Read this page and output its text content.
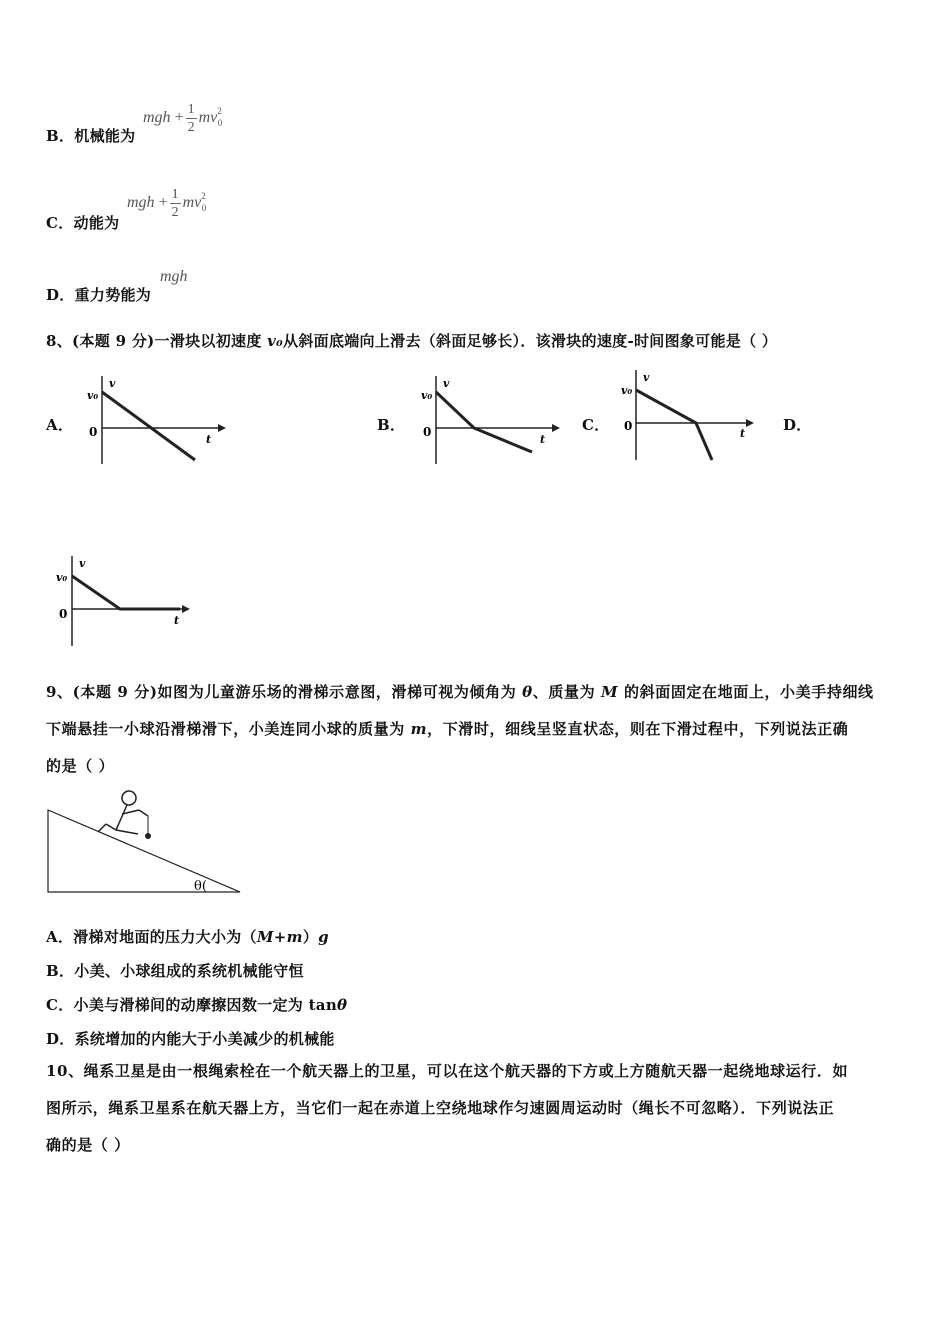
B．机械能为
mgh + $\frac{1}{2} mv^2_0$
C．动能为
mgh + $\frac{1}{2} mv^2_0$
D．重力势能为
mgh
8、(本题 9 分)一滑块以初速度 v₀从斜面底端向上滑去（斜面足够长）．该滑块的速度-时间图象可能是（ ）
A．	B．	C．	D．
v
v₀
0
t
v
v₀
0
t
v
v₀
0
t
v
v₀
0	t
9、(本题 9 分)如图为儿童游乐场的滑梯示意图，滑梯可视为倾角为 θ、质量为 M 的斜面固定在地面上，小美手持细线
下端悬挂一小球沿滑梯滑下，小美连同小球的质量为 m，下滑时，细线呈竖直状态，则在下滑过程中，下列说法正确
的是（ ）
θ(
A．滑梯对地面的压力大小为（M+m）g
B．小美、小球组成的系统机械能守恒
C．小美与滑梯间的动摩擦因数一定为 tanθ
D．系统增加的内能大于小美减少的机械能
10、绳系卫星是由一根绳索栓在一个航天器上的卫星，可以在这个航天器的下方或上方随航天器一起绕地球运行．如
图所示，绳系卫星系在航天器上方，当它们一起在赤道上空绕地球作匀速圆周运动时（绳长不可忽略）．下列说法正
确的是（ ）
